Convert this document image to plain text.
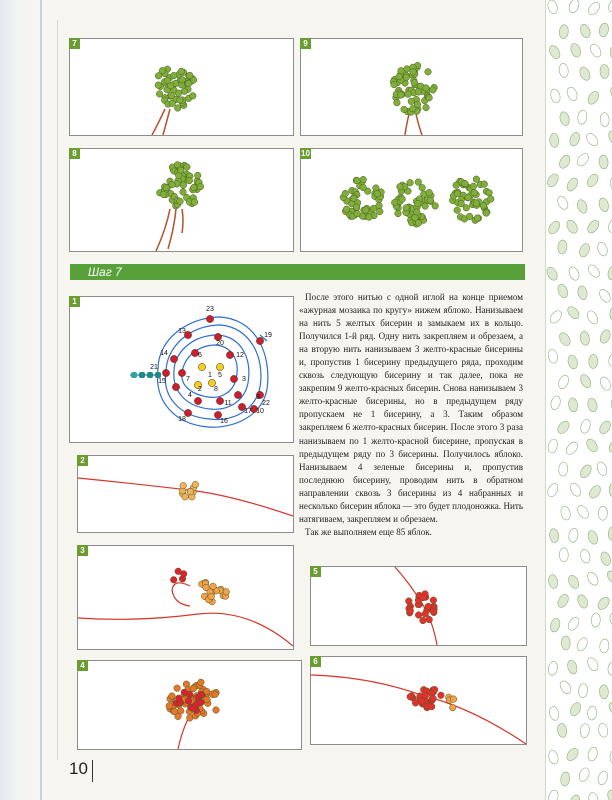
7	9
8	10
Шаг 7
1
23
13
20
19
14	6	12
21
7
1 5
15
2 8
3
4
11
9
10
18	16
17
22
2
3
4
5
6

После этого нитью с одной иглой на конце приемом «ажурная мозаика по кругу» нижем яблоко. Нанизываем на нить 5 желтых бисерин и замыкаем их в кольцо. Получился 1-й ряд. Одну нить закрепляем и обрезаем, а на вторую нить нанизываем 3 желто-красные бисерины и, пропустив 1 бисерину предыдущего ряда, проходим сквозь следующую бисерину и так далее, пока не закрепим 9 желто-красных бисерин. Снова нанизываем 3 желто-красные бисерины, но в предыдущем ряду пропускаем не 1 бисерину, а 3. Таким образом закрепляем 6 желто-красных бисерин. После этого 3 раза нанизываем по 1 желто-красной бисерине, пропуская в предыдущем ряду по 3 бисерины. Получилось яблоко. Нанизываем 4 зеленые бисерины и, пропустив последнюю бисерину, проводим нить в обратном направлении сквозь 3 бисерины из 4 набранных и несколько бисерин яблока — это будет плодоножка. Нить натягиваем, закрепляем и обрезаем.

Так же выполняем еще 85 яблок.

10
